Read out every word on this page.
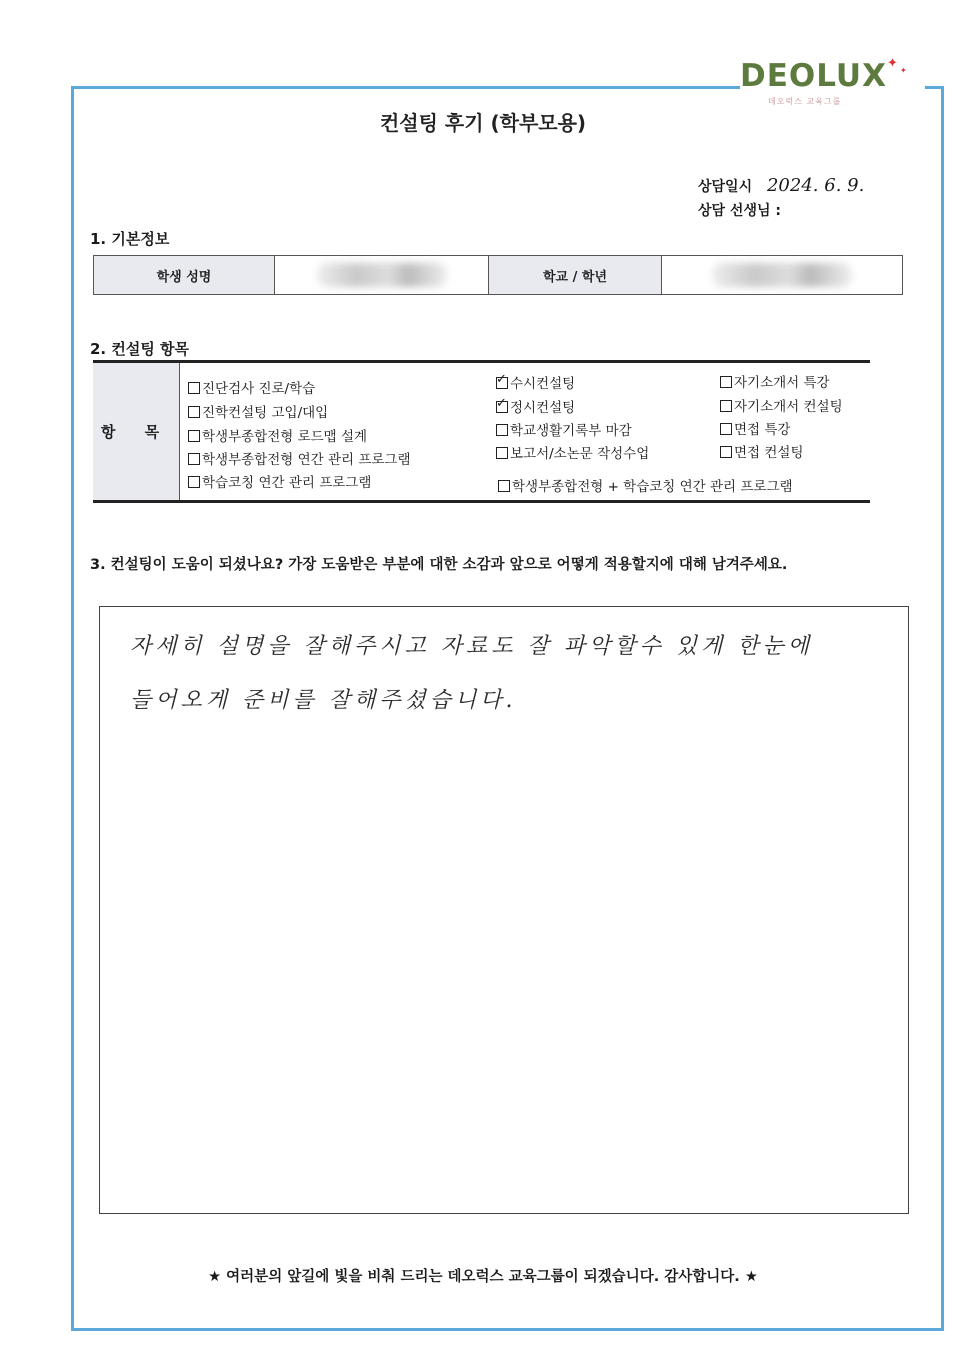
DEOLUX ✦ ✦
데오럭스 교육그룹
컨설팅 후기 (학부모용)
상담일시 2024. 6. 9.
상담 선생님 :
1. 기본정보
학생 성명	학교 / 학년
2. 컨설팅 항목
항 목
진단검사 진로/학습
진학컨설팅 고입/대입
학생부종합전형 로드맵 설계
학생부종합전형 연간 관리 프로그램
학습코칭 연간 관리 프로그램
✓수시컨설팅
✓정시컨설팅
학교생활기록부 마감
보고서/소논문 작성수업
자기소개서 특강
자기소개서 컨설팅
면접 특강
면접 컨설팅
학생부종합전형 + 학습코칭 연간 관리 프로그램
3. 컨설팅이 도움이 되셨나요? 가장 도움받은 부분에 대한 소감과 앞으로 어떻게 적용할지에 대해 남겨주세요.
자세히 설명을 잘해주시고 자료도 잘 파악할수 있게 한눈에
들어오게 준비를 잘해주셨습니다.
★ 여러분의 앞길에 빛을 비춰 드리는 데오럭스 교육그룹이 되겠습니다. 감사합니다. ★
